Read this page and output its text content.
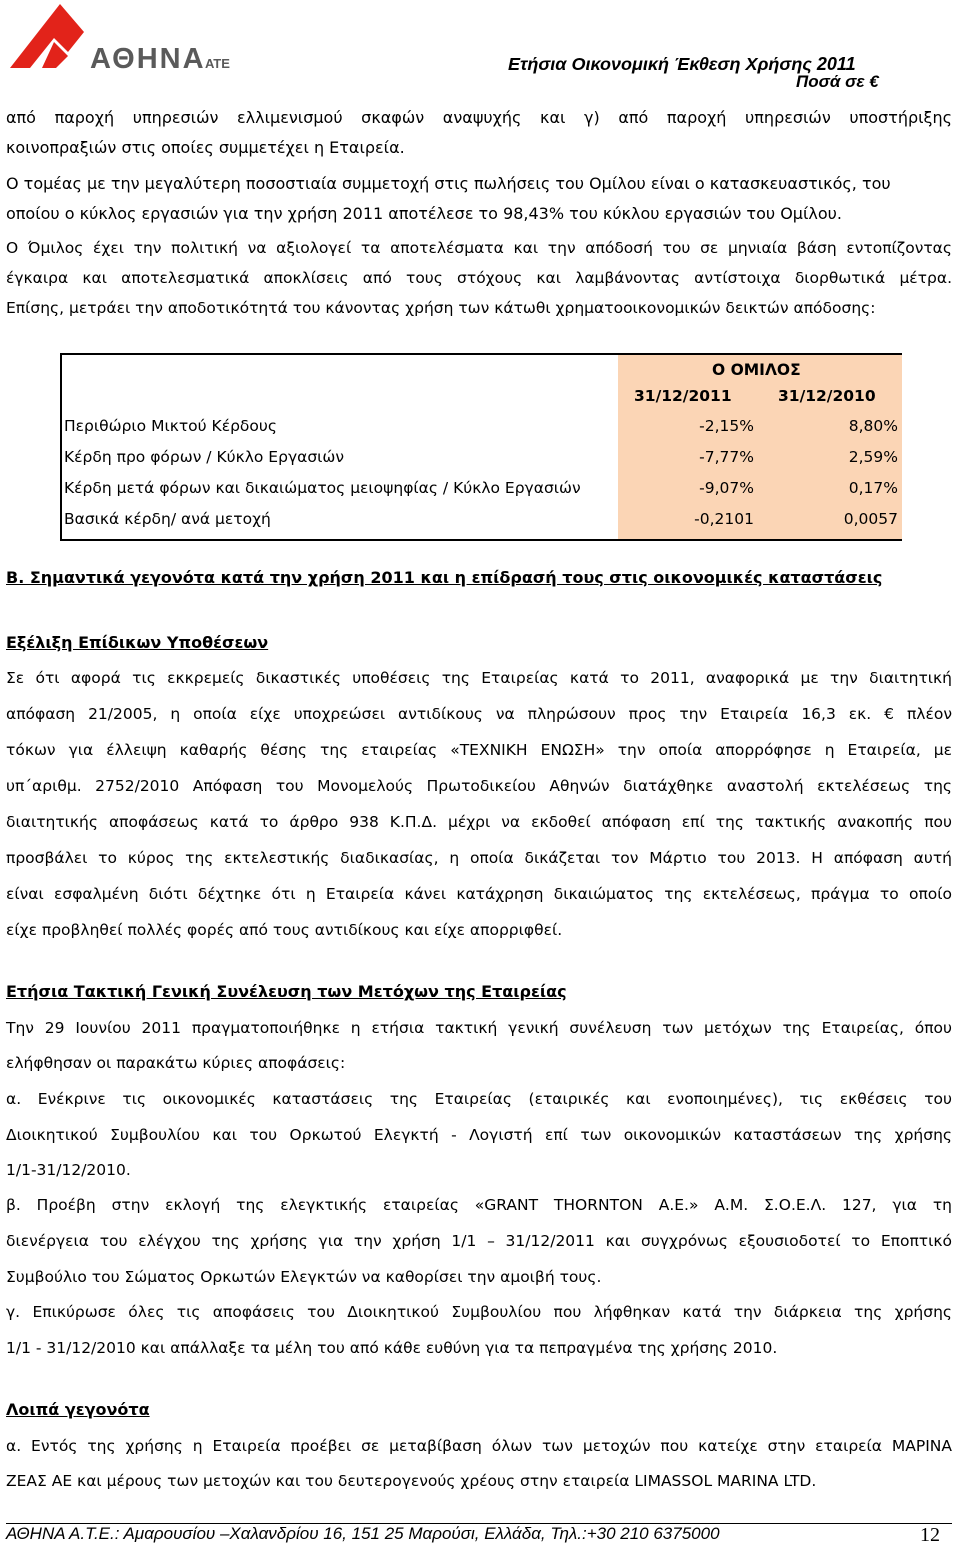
ΑΘΗΝΑ ΑΤΕ	Ετήσια Οικονομική Έκθεση Χρήσης 2011
Ποσά σε €
από παροχή υπηρεσιών ελλιμενισμού σκαφών αναψυχής και γ) από παροχή υπηρεσιών υποστήριξης
κοινοπραξιών στις οποίες συμμετέχει η Εταιρεία.
Ο τομέας με την μεγαλύτερη ποσοστιαία συμμετοχή στις πωλήσεις του Ομίλου είναι ο κατασκευαστικός, του
οποίου ο κύκλος εργασιών για την χρήση 2011 αποτέλεσε το 98,43% του κύκλου εργασιών του Ομίλου.
Ο Όμιλος έχει την πολιτική να αξιολογεί τα αποτελέσματα και την απόδοσή του σε μηνιαία βάση εντοπίζοντας
έγκαιρα και αποτελεσματικά αποκλίσεις από τους στόχους και λαμβάνοντας αντίστοιχα διορθωτικά μέτρα.
Επίσης, μετράει την αποδοτικότητά του κάνοντας χρήση των κάτωθι χρηματοοικονομικών δεικτών απόδοσης:
Ο ΟΜΙΛΟΣ
31/12/2011	31/12/2010
Περιθώριο Μικτού Κέρδους	-2,15%	8,80%
Κέρδη προ φόρων / Κύκλο Εργασιών	-7,77%	2,59%
Κέρδη μετά φόρων και δικαιώματος μειοψηφίας / Κύκλο Εργασιών	-9,07%	0,17%
Βασικά κέρδη/ ανά μετοχή	-0,2101	0,0057
Β. Σημαντικά γεγονότα κατά την χρήση 2011 και η επίδρασή τους στις οικονομικές καταστάσεις
Εξέλιξη Επίδικων Υποθέσεων
Σε ότι αφορά τις εκκρεμείς δικαστικές υποθέσεις της Εταιρείας κατά το 2011, αναφορικά με την διαιτητική
απόφαση 21/2005, η οποία είχε υποχρεώσει αντιδίκους να πληρώσουν προς την Εταιρεία 16,3 εκ. € πλέον
τόκων για έλλειψη καθαρής θέσης της εταιρείας «ΤΕΧΝΙΚΗ ΕΝΩΣΗ» την οποία απορρόφησε η Εταιρεία, με
υπ΄αριθμ. 2752/2010 Απόφαση του Μονομελούς Πρωτοδικείου Αθηνών διατάχθηκε αναστολή εκτελέσεως της
διαιτητικής αποφάσεως κατά το άρθρο 938 Κ.Π.Δ. μέχρι να εκδοθεί απόφαση επί της τακτικής ανακοπής που
προσβάλει το κύρος της εκτελεστικής διαδικασίας, η οποία δικάζεται τον Μάρτιο του 2013. Η απόφαση αυτή
είναι εσφαλμένη διότι δέχτηκε ότι η Εταιρεία κάνει κατάχρηση δικαιώματος της εκτελέσεως, πράγμα το οποίο
είχε προβληθεί πολλές φορές από τους αντιδίκους και είχε απορριφθεί.
Ετήσια Τακτική Γενική Συνέλευση των Μετόχων της Εταιρείας
Την 29 Ιουνίου 2011 πραγματοποιήθηκε η ετήσια τακτική γενική συνέλευση των μετόχων της Εταιρείας, όπου
ελήφθησαν οι παρακάτω κύριες αποφάσεις:
α. Ενέκρινε τις οικονομικές καταστάσεις της Εταιρείας (εταιρικές και ενοποιημένες), τις εκθέσεις του
Διοικητικού Συμβουλίου και του Ορκωτού Ελεγκτή - Λογιστή επί των οικονομικών καταστάσεων της χρήσης
1/1-31/12/2010.
β. Προέβη στην εκλογή της ελεγκτικής εταιρείας «GRANT THORNTON Α.Ε.» Α.Μ. Σ.Ο.Ε.Λ. 127, για τη
διενέργεια του ελέγχου της χρήσης για την χρήση 1/1 – 31/12/2011 και συγχρόνως εξουσιοδοτεί το Εποπτικό
Συμβούλιο του Σώματος Ορκωτών Ελεγκτών να καθορίσει την αμοιβή τους.
γ. Επικύρωσε όλες τις αποφάσεις του Διοικητικού Συμβουλίου που λήφθηκαν κατά την διάρκεια της χρήσης
1/1 - 31/12/2010 και απάλλαξε τα μέλη του από κάθε ευθύνη για τα πεπραγμένα της χρήσης 2010.
Λοιπά γεγονότα
α. Εντός της χρήσης η Εταιρεία προέβει σε μεταβίβαση όλων των μετοχών που κατείχε στην εταιρεία ΜΑΡΙΝΑ
ΖΕΑΣ ΑΕ και μέρους των μετοχών και του δευτερογενούς χρέους στην εταιρεία LIMASSOL MARINA LTD.
ΑΘΗΝΑ Α.Τ.Ε.: Αμαρουσίου –Χαλανδρίου 16, 151 25 Μαρούσι, Ελλάδα, Τηλ.:+30 210 6375000	12
